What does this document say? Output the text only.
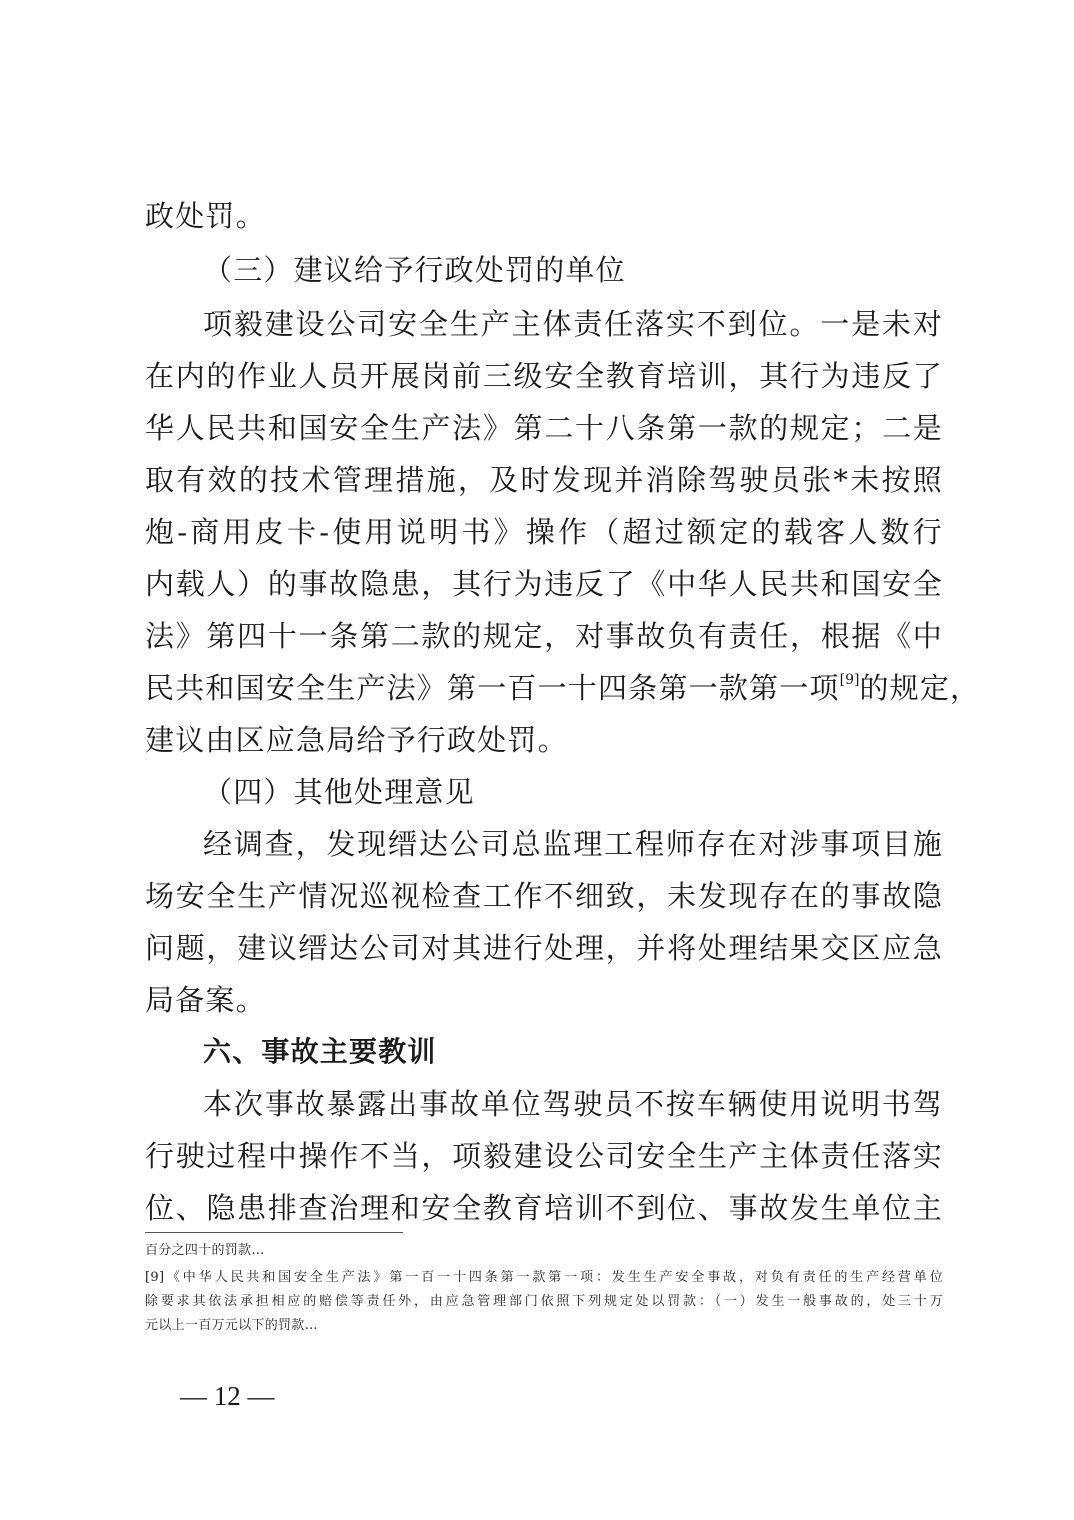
政处罚。
（三）建议给予行政处罚的单位
项毅建设公司安全生产主体责任落实不到位。一是未对
在内的作业人员开展岗前三级安全教育培训，其行为违反了
华人民共和国安全生产法》第二十八条第一款的规定；二是
取有效的技术管理措施，及时发现并消除驾驶员张*未按照
炮-商用皮卡-使用说明书》操作（超过额定的载客人数行
内载人）的事故隐患，其行为违反了《中华人民共和国安全
法》第四十一条第二款的规定，对事故负有责任，根据《中
民共和国安全生产法》第一百一十四条第一款第一项[9]的规定，
建议由区应急局给予行政处罚。
（四）其他处理意见
经调查，发现缙达公司总监理工程师存在对涉事项目施
场安全生产情况巡视检查工作不细致，未发现存在的事故隐
问题，建议缙达公司对其进行处理，并将处理结果交区应急
局备案。
六、事故主要教训
本次事故暴露出事故单位驾驶员不按车辆使用说明书驾
行驶过程中操作不当，项毅建设公司安全生产主体责任落实
位、隐患排查治理和安全教育培训不到位、事故发生单位主
百分之四十的罚款…
[9]《中华人民共和国安全生产法》第一百一十四条第一款第一项：发生生产安全事故，对负有责任的生产经营单位
除要求其依法承担相应的赔偿等责任外，由应急管理部门依照下列规定处以罚款：（一）发生一般事故的，处三十万
元以上一百万元以下的罚款…
— 12 —
